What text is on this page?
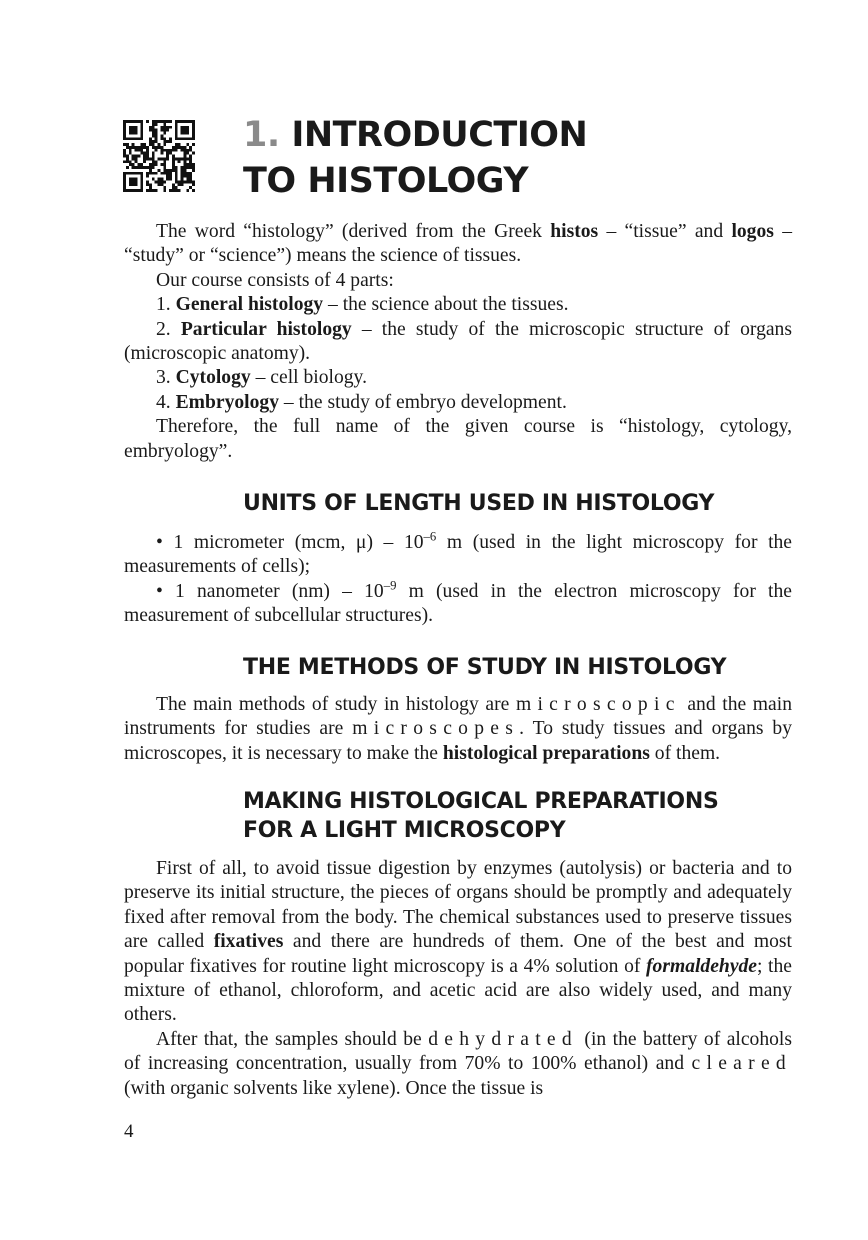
1. INTRODUCTION
TO HISTOLOGY

The word “histology” (derived from the Greek histos – “tissue” and logos – “study” or “science”) means the science of tissues.

Our course consists of 4 parts:

1. General histology – the science about the tissues.

2. Particular histology – the study of the microscopic structure of organs (microscopic anatomy).

3. Cytology – cell biology.

4. Embryology – the study of embryo development.

Therefore, the full name of the given course is “histology, cytology, embryology”.

UNITS OF LENGTH USED IN HISTOLOGY

• 1 micrometer (mcm, $\mu) - 10^{-6}$ m (used in the light microscopy for the measurements of cells);

• 1 nanometer $(nm) - 10^{-9}$ m (used in the electron microscopy for the measurement of subcellular structures).

THE METHODS OF STUDY IN HISTOLOGY

The main methods of study in histology are microscopic and the main instruments for studies are microscopes. To study tissues and organs by microscopes, it is necessary to make the histological preparations of them.

MAKING HISTOLOGICAL PREPARATIONS
FOR A LIGHT MICROSCOPY

First of all, to avoid tissue digestion by enzymes (autolysis) or bacteria and to preserve its initial structure, the pieces of organs should be promptly and adequately fixed after removal from the body. The chemical substances used to preserve tissues are called fixatives and there are hundreds of them. One of the best and most popular fixatives for routine light microscopy is a 4% solution of formaldehyde; the mixture of ethanol, chloroform, and acetic acid are also widely used, and many others.

After that, the samples should be dehydrated (in the battery of alcohols of increasing concentration, usually from 70% to 100% ethanol) and cleared (with organic solvents like xylene). Once the tissue is

4
